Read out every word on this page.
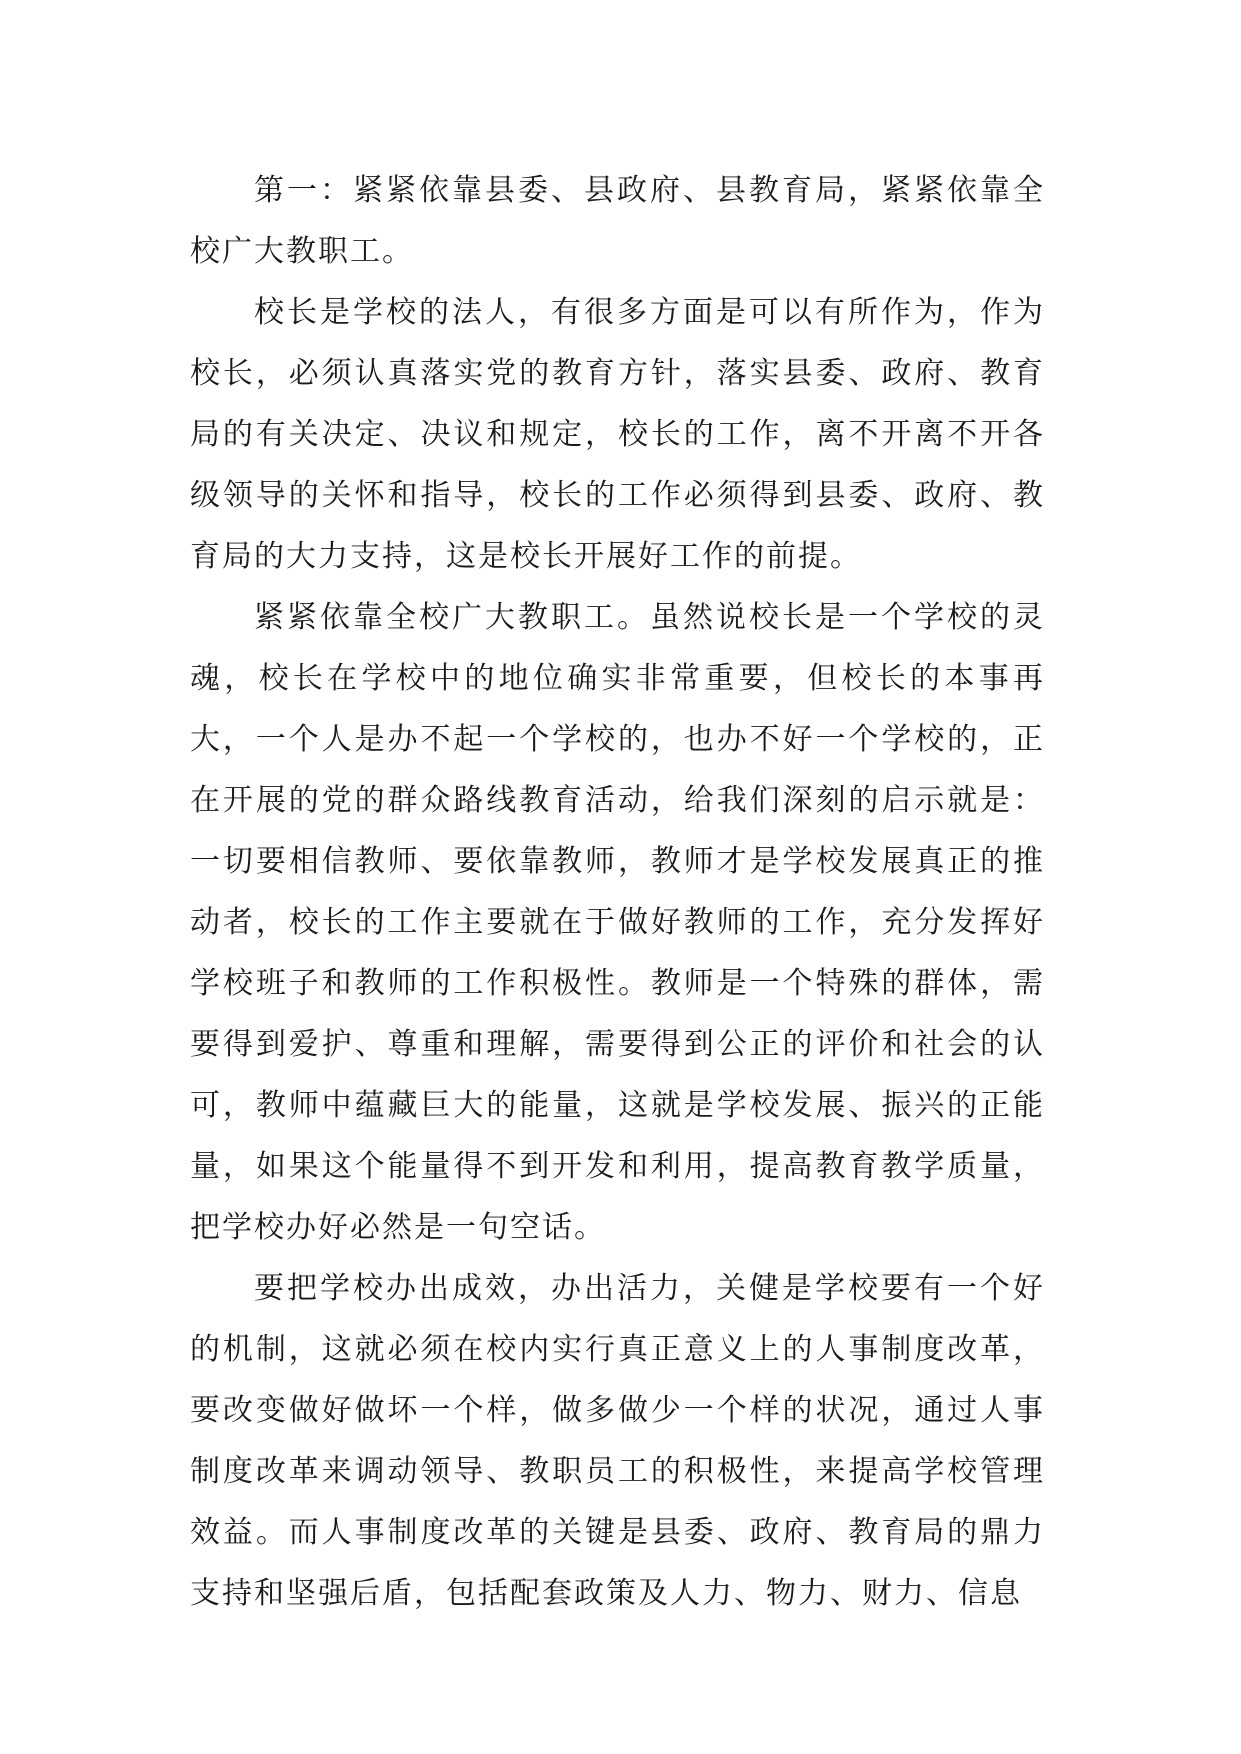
第一：紧紧依靠县委、县政府、县教育局，紧紧依靠全校广大教职工。

校长是学校的法人，有很多方面是可以有所作为，作为校长，必须认真落实党的教育方针，落实县委、政府、教育局的有关决定、决议和规定，校长的工作，离不开离不开各级领导的关怀和指导，校长的工作必须得到县委、政府、教育局的大力支持，这是校长开展好工作的前提。

紧紧依靠全校广大教职工。虽然说校长是一个学校的灵魂，校长在学校中的地位确实非常重要，但校长的本事再大，一个人是办不起一个学校的，也办不好一个学校的，正在开展的党的群众路线教育活动，给我们深刻的启示就是：一切要相信教师、要依靠教师，教师才是学校发展真正的推动者，校长的工作主要就在于做好教师的工作，充分发挥好学校班子和教师的工作积极性。教师是一个特殊的群体，需要得到爱护、尊重和理解，需要得到公正的评价和社会的认可，教师中蕴藏巨大的能量，这就是学校发展、振兴的正能量，如果这个能量得不到开发和利用，提高教育教学质量，把学校办好必然是一句空话。

要把学校办出成效，办出活力，关健是学校要有一个好的机制，这就必须在校内实行真正意义上的人事制度改革，要改变做好做坏一个样，做多做少一个样的状况，通过人事制度改革来调动领导、教职员工的积极性，来提高学校管理效益。而人事制度改革的关键是县委、政府、教育局的鼎力支持和坚强后盾，包括配套政策及人力、物力、财力、信息
